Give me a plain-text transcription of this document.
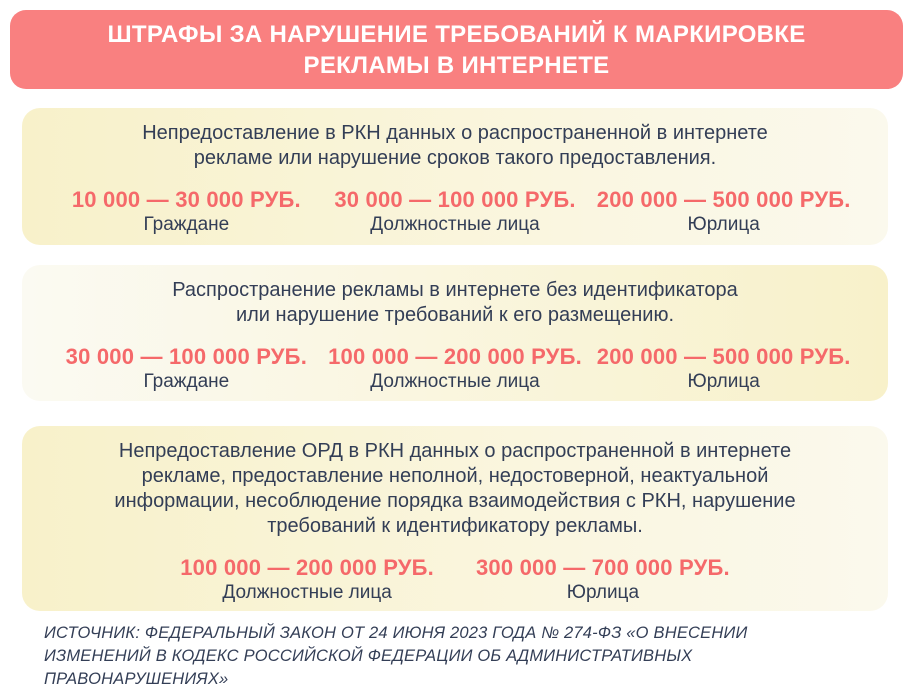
ШТРАФЫ ЗА НАРУШЕНИЕ ТРЕБОВАНИЙ К МАРКИРОВКЕ
РЕКЛАМЫ В ИНТЕРНЕТЕ
Непредоставление в РКН данных о распространенной в интернете
рекламе или нарушение сроков такого предоставления.
10 000 — 30 000 РУБ.
Граждане
30 000 — 100 000 РУБ.
Должностные лица
200 000 — 500 000 РУБ.
Юрлица
Распространение рекламы в интернете без идентификатора
или нарушение требований к его размещению.
30 000 — 100 000 РУБ.
Граждане
100 000 — 200 000 РУБ.
Должностные лица
200 000 — 500 000 РУБ.
Юрлица
Непредоставление ОРД в РКН данных о распространенной в интернете
рекламе, предоставление неполной, недостоверной, неактуальной
информации, несоблюдение порядка взаимодействия с РКН, нарушение
требований к идентификатору рекламы.
100 000 — 200 000 РУБ.
Должностные лица
300 000 — 700 000 РУБ.
Юрлица
ИСТОЧНИК: ФЕДЕРАЛЬНЫЙ ЗАКОН ОТ 24 ИЮНЯ 2023 ГОДА № 274-ФЗ «О ВНЕСЕНИИ
ИЗМЕНЕНИЙ В КОДЕКС РОССИЙСКОЙ ФЕДЕРАЦИИ ОБ АДМИНИСТРАТИВНЫХ
ПРАВОНАРУШЕНИЯХ»
